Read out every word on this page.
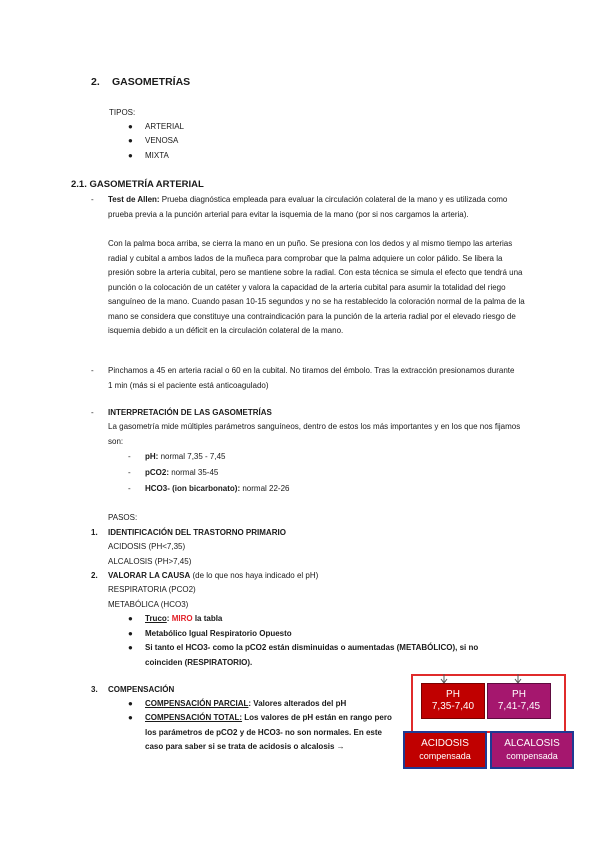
2. GASOMETRÍAS
TIPOS:
● ARTERIAL
● VENOSA
● MIXTA
2.1. GASOMETRÍA ARTERIAL
- Test de Allen: Prueba diagnóstica empleada para evaluar la circulación colateral de la mano y es utilizada como prueba previa a la punción arterial para evitar la isquemia de la mano (por si nos cargamos la arteria).
Con la palma boca arriba, se cierra la mano en un puño. Se presiona con los dedos y al mismo tiempo las arterias radial y cubital a ambos lados de la muñeca para comprobar que la palma adquiere un color pálido. Se libera la presión sobre la arteria cubital, pero se mantiene sobre la radial. Con esta técnica se simula el efecto que tendrá una punción o la colocación de un catéter y valora la capacidad de la arteria cubital para asumir la totalidad del riego sanguíneo de la mano. Cuando pasan 10-15 segundos y no se ha restablecido la coloración normal de la palma de la mano se considera que constituye una contraindicación para la punción de la arteria radial por el elevado riesgo de isquemia debido a un déficit en la circulación colateral de la mano.
- Pinchamos a 45 en arteria racial o 60 en la cubital. No tiramos del émbolo. Tras la extracción presionamos durante 1 min (más si el paciente está anticoagulado)
- INTERPRETACIÓN DE LAS GASOMETRÍAS
La gasometría mide múltiples parámetros sanguíneos, dentro de estos los más importantes y en los que nos fijamos son:
- pH: normal 7,35 - 7,45
- pCO2: normal 35-45
- HCO3- (ion bicarbonato): normal 22-26
PASOS:
1. IDENTIFICACIÓN DEL TRASTORNO PRIMARIO
ACIDOSIS (PH<7,35)
ALCALOSIS (PH>7,45)
2. VALORAR LA CAUSA (de lo que nos haya indicado el pH)
RESPIRATORIA (PCO2)
METABÓLICA (HCO3)
● Truco: MIRO la tabla
● Metabólico Igual Respiratorio Opuesto
● Si tanto el HCO3- como la pCO2 están disminuidas o aumentadas (METABÓLICO), si no coinciden (RESPIRATORIO).
3. COMPENSACIÓN
● COMPENSACIÓN PARCIAL: Valores alterados del pH
● COMPENSACIÓN TOTAL: Los valores de pH están en rango pero los parámetros de pCO2 y de HCO3- no son normales. En este caso para saber si se trata de acidosis o alcalosis →
PH
7,35-7,40
PH
7,41-7,45
ACIDOSIS
compensada
ALCALOSIS
compensada
